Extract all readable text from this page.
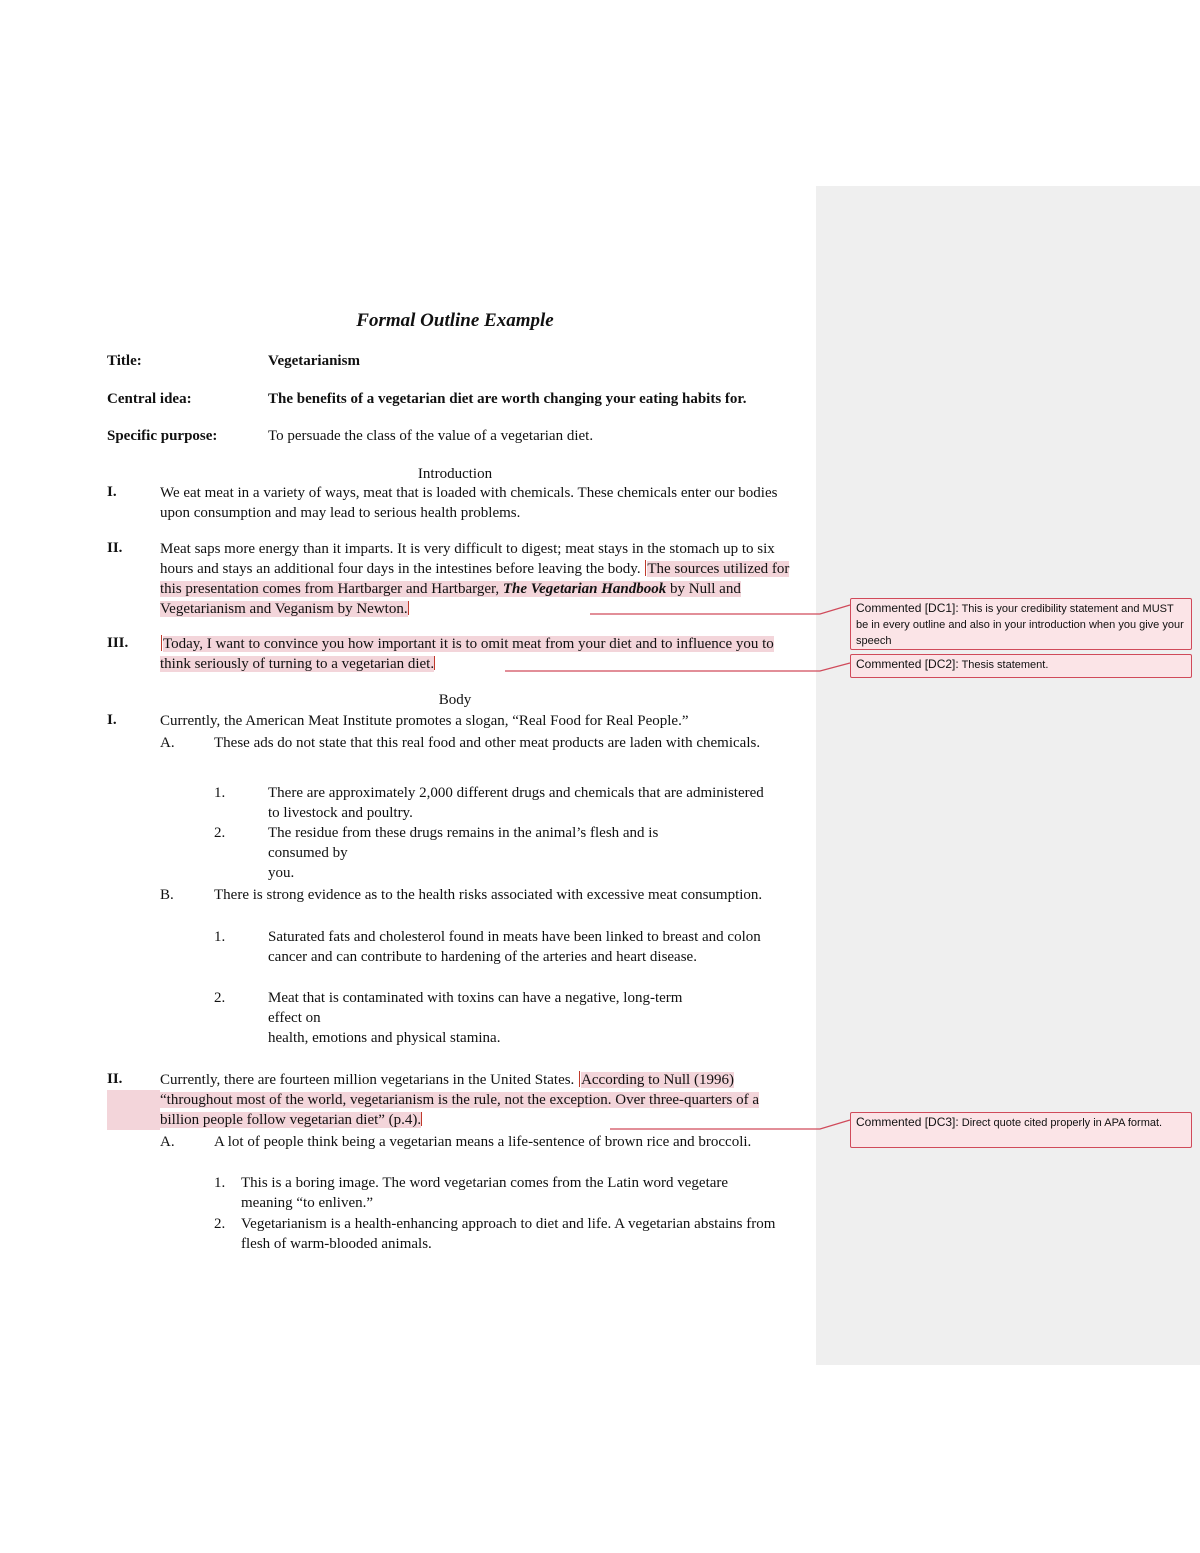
Formal Outline Example
Title:	Vegetarianism
Central idea:	The benefits of a vegetarian diet are worth changing your eating habits for.
Specific purpose:	To persuade the class of the value of a vegetarian diet.
Introduction
I.	We eat meat in a variety of ways, meat that is loaded with chemicals. These chemicals enter our bodies upon consumption and may lead to serious health problems.
II.	Meat saps more energy than it imparts. It is very difficult to digest; meat stays in the stomach up to six hours and stays an additional four days in the intestines before leaving the body. The sources utilized for this presentation comes from Hartbarger and Hartbarger, The Vegetarian Handbook by Null and Vegetarianism and Veganism by Newton.
III. Today, I want to convince you how important it is to omit meat from your diet and to influence you to think seriously of turning to a vegetarian diet.
Body
I.	Currently, the American Meat Institute promotes a slogan, “Real Food for Real People.”
A.	These ads do not state that this real food and other meat products are laden with chemicals.
1.	There are approximately 2,000 different drugs and chemicals that are administered to livestock and poultry.
2.	The residue from these drugs remains in the animal’s flesh and is
consumed by
you.
B.	There is strong evidence as to the health risks associated with excessive meat consumption.
1.	Saturated fats and cholesterol found in meats have been linked to breast and colon cancer and can contribute to hardening of the arteries and heart disease.
2.	Meat that is contaminated with toxins can have a negative, long-term
effect on
health, emotions and physical stamina.
II.	Currently, there are fourteen million vegetarians in the United States. According to Null (1996) “throughout most of the world, vegetarianism is the rule, not the exception. Over three-quarters of a billion people follow vegetarian diet” (p.4).
A.	A lot of people think being a vegetarian means a life-sentence of brown rice and broccoli.
1. This is a boring image. The word vegetarian comes from the Latin word vegetare meaning “to enliven.”
2. Vegetarianism is a health-enhancing approach to diet and life. A vegetarian abstains from flesh of warm-blooded animals.
Commented [DC1]: This is your credibility statement and MUST be in every outline and also in your introduction when you give your speech
Commented [DC2]: Thesis statement.
Commented [DC3]: Direct quote cited properly in APA format.
